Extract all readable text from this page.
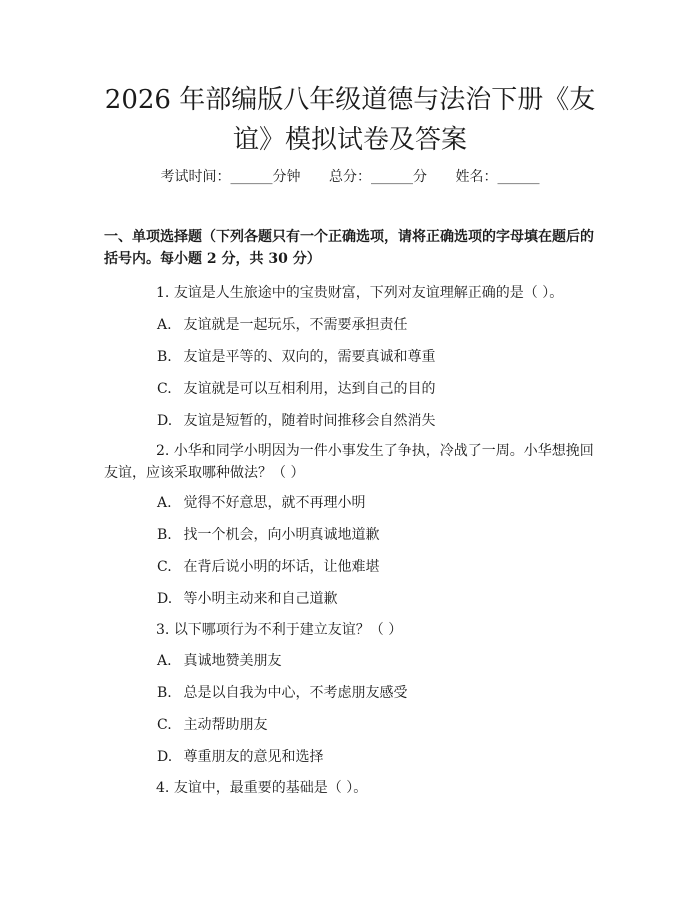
2026 年部编版八年级道德与法治下册《友谊》模拟试卷及答案
考试时间：______分钟 总分：______分 姓名：______

一、单项选择题（下列各题只有一个正确选项，请将正确选项的字母填在题后的括号内。每小题 2 分，共 30 分）

1. 友谊是人生旅途中的宝贵财富，下列对友谊理解正确的是（ ）。

A. 友谊就是一起玩乐，不需要承担责任

B. 友谊是平等的、双向的，需要真诚和尊重

C. 友谊就是可以互相利用，达到自己的目的

D. 友谊是短暂的，随着时间推移会自然消失

2. 小华和同学小明因为一件小事发生了争执，冷战了一周。小华想挽回友谊，应该采取哪种做法？（ ）

A. 觉得不好意思，就不再理小明

B. 找一个机会，向小明真诚地道歉

C. 在背后说小明的坏话，让他难堪

D. 等小明主动来和自己道歉

3. 以下哪项行为不利于建立友谊？（ ）

A. 真诚地赞美朋友

B. 总是以自我为中心，不考虑朋友感受

C. 主动帮助朋友

D. 尊重朋友的意见和选择

4. 友谊中，最重要的基础是（ ）。
